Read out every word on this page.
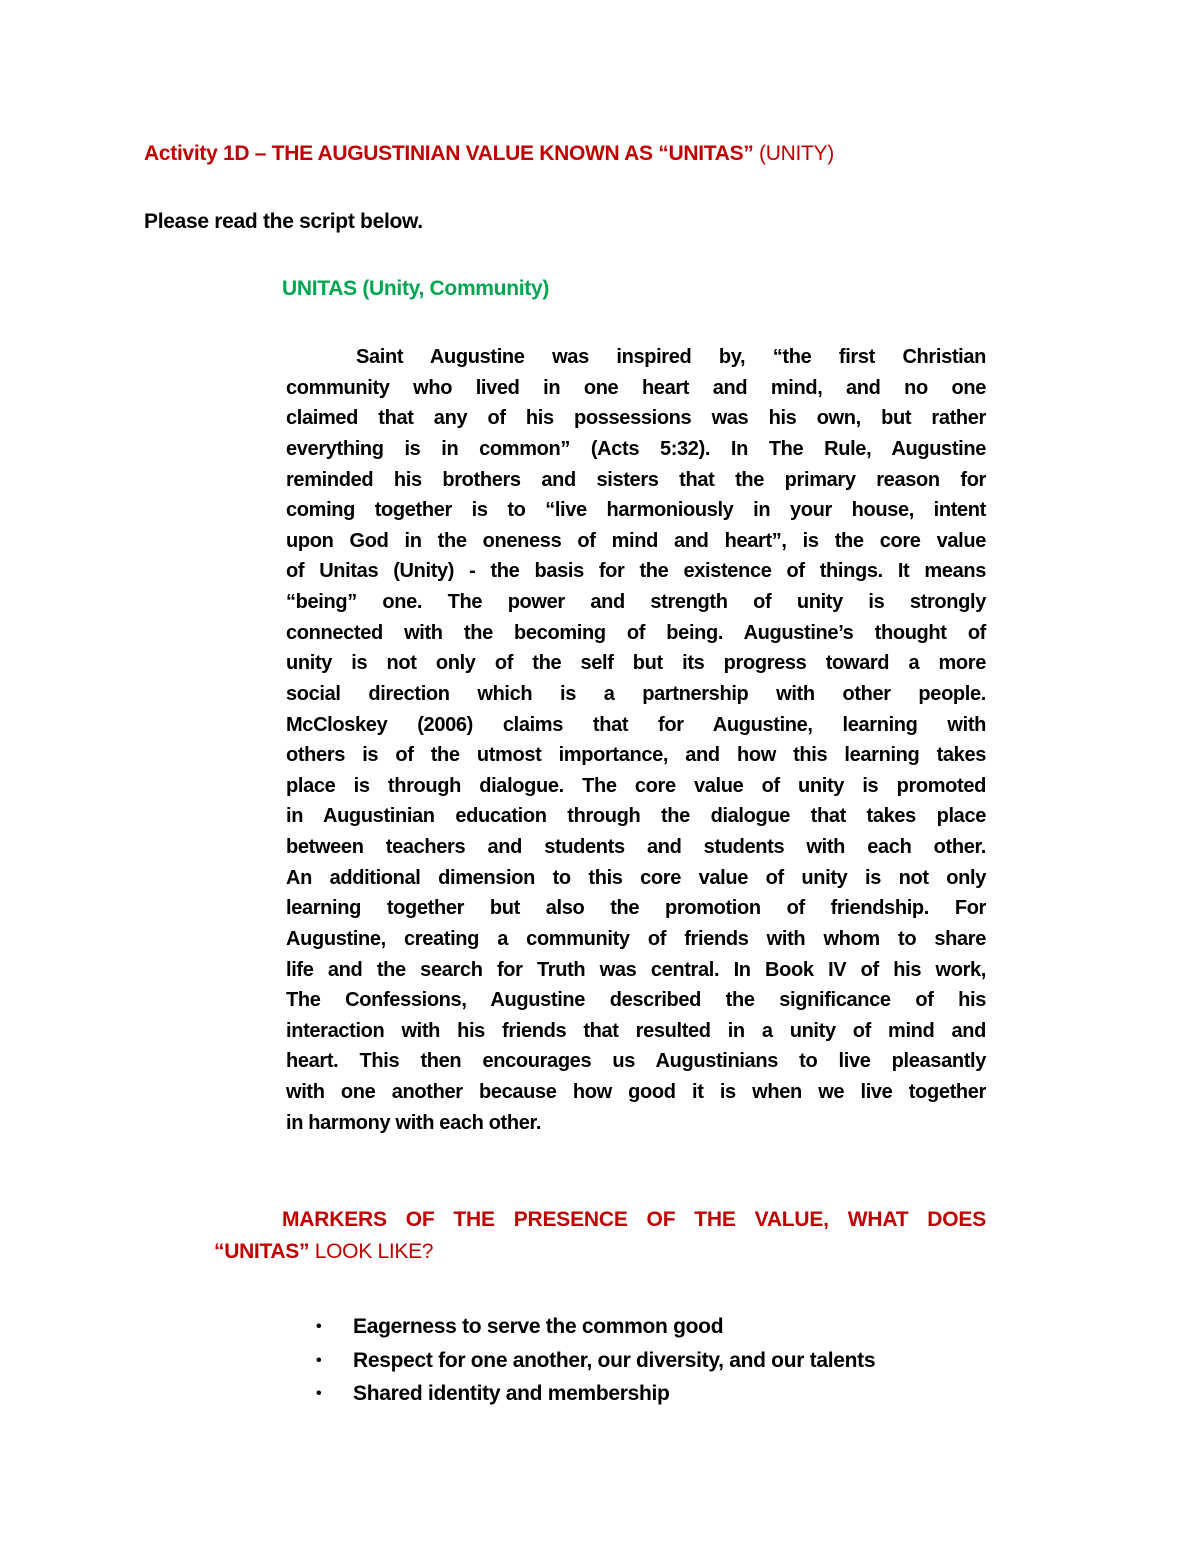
Activity 1D – THE AUGUSTINIAN VALUE KNOWN AS “UNITAS” (UNITY)
Please read the script below.
UNITAS (Unity, Community)
Saint Augustine was inspired by, “the first Christian
community who lived in one heart and mind, and no one
claimed that any of his possessions was his own, but rather
everything is in common” (Acts 5:32). In The Rule, Augustine
reminded his brothers and sisters that the primary reason for
coming together is to “live harmoniously in your house, intent
upon God in the oneness of mind and heart”, is the core value
of Unitas (Unity) - the basis for the existence of things. It means
“being” one. The power and strength of unity is strongly
connected with the becoming of being. Augustine’s thought of
unity is not only of the self but its progress toward a more
social direction which is a partnership with other people.
McCloskey (2006) claims that for Augustine, learning with
others is of the utmost importance, and how this learning takes
place is through dialogue. The core value of unity is promoted
in Augustinian education through the dialogue that takes place
between teachers and students and students with each other.
An additional dimension to this core value of unity is not only
learning together but also the promotion of friendship. For
Augustine, creating a community of friends with whom to share
life and the search for Truth was central. In Book IV of his work,
The Confessions, Augustine described the significance of his
interaction with his friends that resulted in a unity of mind and
heart. This then encourages us Augustinians to live pleasantly
with one another because how good it is when we live together
in harmony with each other.
MARKERS OF THE PRESENCE OF THE VALUE, WHAT DOES
“UNITAS” LOOK LIKE?
•	Eagerness to serve the common good
•	Respect for one another, our diversity, and our talents
•	Shared identity and membership
